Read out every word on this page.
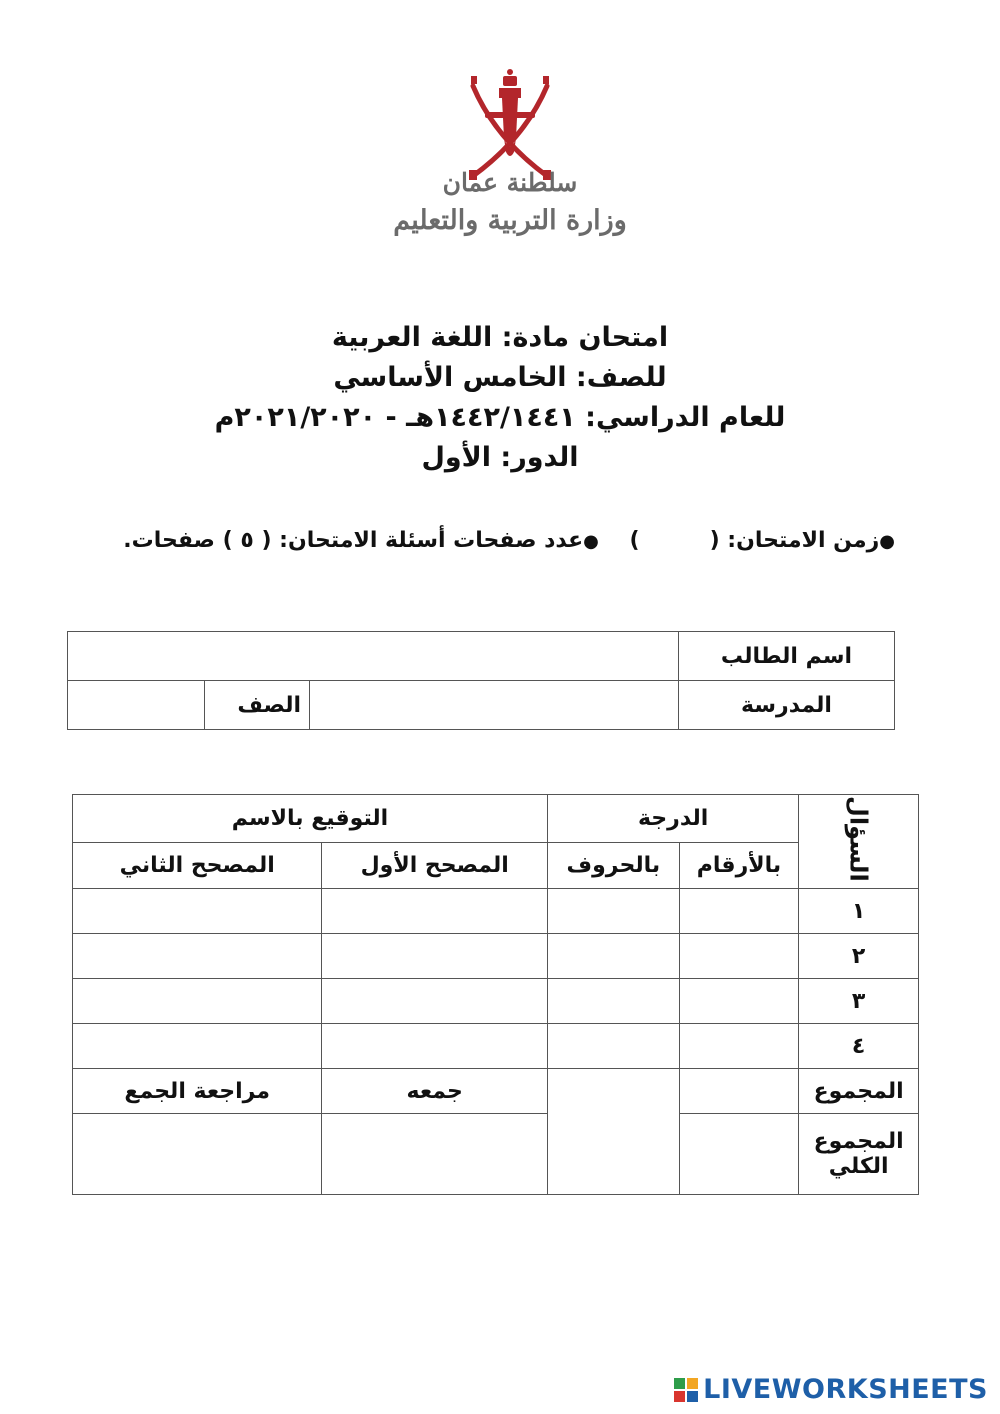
سلطنة عمان
وزارة التربية والتعليم
امتحان مادة: اللغة العربية
للصف: الخامس الأساسي
للعام الدراسي: ١٤٤٢/١٤٤١هـ - ٢٠٢١/٢٠٢٠م
الدور: الأول
●زمن الامتحان: ()    ●عدد صفحات أسئلة الامتحان: ( ٥ ) صفحات.
اسم الطالب			
المدرسة		الصف	
السؤال	الدرجة		التوقيع بالاسم	
	بالأرقام	بالحروف	المصحح الأول	المصحح الثاني
١				
٢				
٣				
٤				
المجموع			جمعه	مراجعة الجمع
المجموع الكلي				
LIVEWORKSHEETS
